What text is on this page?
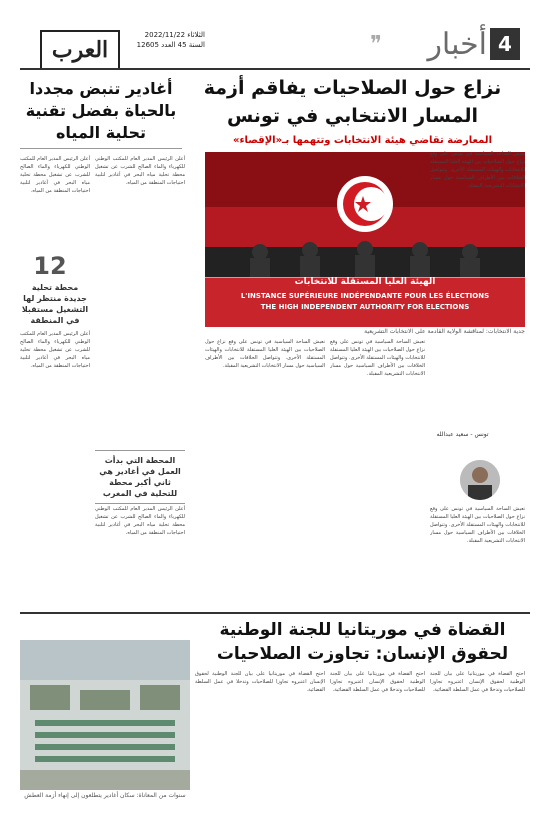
العرب
الثلاثاء 2022/11/22
السنة 45 العدد 12605	4
أخبار
❞
نزاع حول الصلاحيات يفاقم أزمة المسار الانتخابي في تونس
المعارضة تقاضي هيئة الانتخابات وتتهمها بـ«الإقصاء»
الهيئة العليا المستقلة للانتخابات
L'INSTANCE SUPÉRIEURE INDÉPENDANTE POUR LES ÉLECTIONS
THE HIGH INDEPENDENT AUTHORITY FOR ELECTIONS
جدية الانتخابات: لمناقشة الولاية القادمة على الانتخابات التشريعية
تعيش الساحة السياسية في تونس على وقع نزاع حول الصلاحيات بين الهيئة العليا المستقلة للانتخابات والهيئات المستقلة الأخرى. وتتواصل الخلافات بين الأطراف السياسية حول مسار الانتخابات التشريعية المقبلة.
تونس - سعيد عبدالله
تعيش الساحة السياسية في تونس على وقع نزاع حول الصلاحيات بين الهيئة العليا المستقلة للانتخابات والهيئات المستقلة الأخرى. وتتواصل الخلافات بين الأطراف السياسية حول مسار الانتخابات التشريعية المقبلة.
تعيش الساحة السياسية في تونس على وقع نزاع حول الصلاحيات بين الهيئة العليا المستقلة للانتخابات والهيئات المستقلة الأخرى. وتتواصل الخلافات بين الأطراف السياسية حول مسار الانتخابات التشريعية المقبلة.
تعيش الساحة السياسية في تونس على وقع نزاع حول الصلاحيات بين الهيئة العليا المستقلة للانتخابات والهيئات المستقلة الأخرى. وتتواصل الخلافات بين الأطراف السياسية حول مسار الانتخابات التشريعية المقبلة.
أغادير تنبض مجددا بالحياة بفضل تقنية تحلية المياه
أعلن الرئيس المدير العام للمكتب الوطني للكهرباء والماء الصالح للشرب عن تشغيل محطة تحلية مياه البحر في أغادير لتلبية احتياجات المنطقة من المياه.
أعلن الرئيس المدير العام للمكتب الوطني للكهرباء والماء الصالح للشرب عن تشغيل محطة تحلية مياه البحر في أغادير لتلبية احتياجات المنطقة من المياه.
12
محطة تحلية جديدة منتظر لها التشغيل مستقبلا في المنطقة
أعلن الرئيس المدير العام للمكتب الوطني للكهرباء والماء الصالح للشرب عن تشغيل محطة تحلية مياه البحر في أغادير لتلبية احتياجات المنطقة من المياه.
المحطة التي بدأت العمل في أغادير هي ثاني أكبر محطة للتحلية في المغرب
أعلن الرئيس المدير العام للمكتب الوطني للكهرباء والماء الصالح للشرب عن تشغيل محطة تحلية مياه البحر في أغادير لتلبية احتياجات المنطقة من المياه.
القضاة في موريتانيا للجنة الوطنية لحقوق الإنسان: تجاوزت الصلاحيات
احتج القضاة في موريتانيا على بيان للجنة الوطنية لحقوق الإنسان اعتبروه تجاوزا للصلاحيات وتدخلا في عمل السلطة القضائية.
احتج القضاة في موريتانيا على بيان للجنة الوطنية لحقوق الإنسان اعتبروه تجاوزا للصلاحيات وتدخلا في عمل السلطة القضائية.
احتج القضاة في موريتانيا على بيان للجنة الوطنية لحقوق الإنسان اعتبروه تجاوزا للصلاحيات وتدخلا في عمل السلطة القضائية.
سنوات من المعاناة: سكان أغادير يتطلعون إلى إنهاء أزمة العطش
